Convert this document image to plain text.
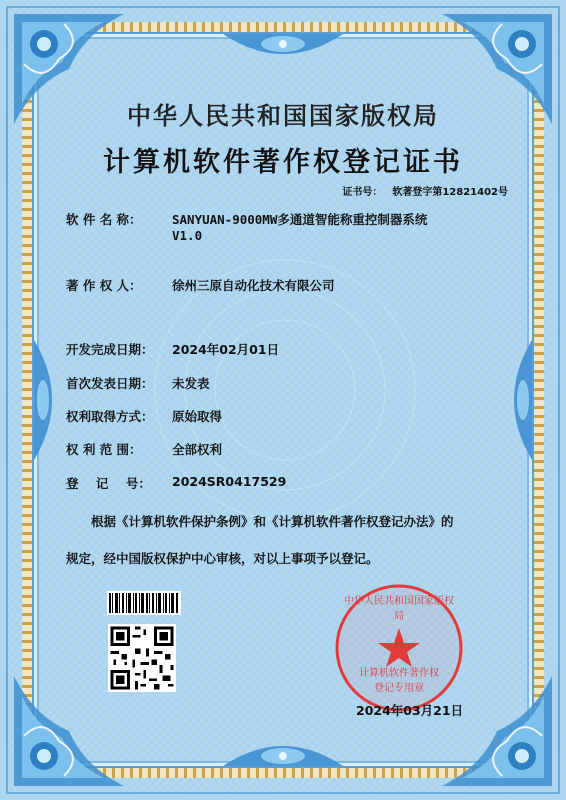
中华人民共和国国家版权局
计算机软件著作权登记证书
证书号： 软著登字第12821402号
软 件 名 称： SANYUAN-9000MW多通道智能称重控制器系统
V1.0
著 作 权 人： 徐州三原自动化技术有限公司
开发完成日期： 2024年02月01日
首次发表日期： 未发表
权利取得方式： 原始取得
权 利 范 围： 全部权利
登    记    号： 2024SR0417529
根据《计算机软件保护条例》和《计算机软件著作权登记办法》的
规定，经中国版权保护中心审核，对以上事项予以登记。
中华人民共和国国家版权局
计算机软件著作权
登记专用章
2024年03月21日
